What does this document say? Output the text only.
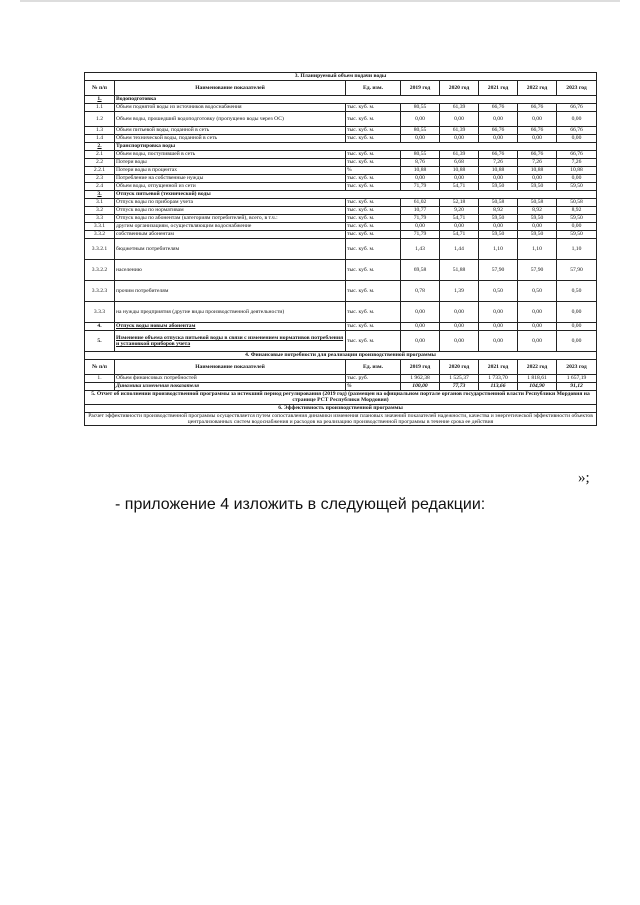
3. Планируемый объем подачи воды							
№ п/п	Наименование показателей	Ед. изм.	2019 год	2020 год	2021 год	2022 год	2023 год
1.	Водоподготовка						
1.1	Объем поднятой воды из источников водоснабжения	тыс. куб. м.	80,55	61,39	66,76	66,76	66,76
1.2	Объем воды, прошедший водоподготовку (пропущено воды через ОС)	тыс. куб. м.	0,00	0,00	0,00	0,00	0,00
1.3	Объем питьевой воды, поданной в сеть	тыс. куб. м.	80,55	61,39	66,76	66,76	66,76
1.4	Объем технической воды, поданной в сеть	тыс. куб. м.	0,00	0,00	0,00	0,00	0,00
2.	Транспортировка воды						
2.1	Объем воды, поступившей в сеть	тыс. куб. м.	80,55	61,39	66,76	66,76	66,76
2.2	Потери воды	тыс. куб. м.	8,76	6,68	7,26	7,26	7,26
2.2.1	Потери воды в процентах	%	10,88	10,88	10,88	10,88	10,88
2.3	Потребление на собственные нужды	тыс. куб. м.	0,00	0,00	0,00	0,00	0,00
2.4	Объем воды, отпущенной из сети	тыс. куб. м.	71,79	54,71	59,50	59,50	59,50
3.	Отпуск питьевой (технической) воды						
3.1	Отпуск воды по приборам учета	тыс. куб. м.	61,02	52,18	50,58	50,58	50,58
3.2	Отпуск воды по нормативам	тыс. куб. м.	10,77	9,20	8,92	8,92	8,92
3.3	Отпуск воды по абонентам (категориям потребителей), всего, в т.ч.:	тыс. куб. м.	71,79	54,71	59,50	59,50	59,50
3.3.1	другим организациям, осуществляющим водоснабжение	тыс. куб. м.	0,00	0,00	0,00	0,00	0,00
3.3.2	собственным абонентам	тыс. куб. м.	71,79	54,71	59,50	59,50	59,50
3.3.2.1	бюджетным потребителям	тыс. куб. м.	1,43	1,44	1,10	1,10	1,10
3.3.2.2	населению	тыс. куб. м.	69,58	51,88	57,90	57,90	57,90
3.3.2.3	прочим потребителям	тыс. куб. м.	0,78	1,39	0,50	0,50	0,50
3.3.3	на нужды предприятия (другие виды производственной деятельности)	тыс. куб. м.	0,00	0,00	0,00	0,00	0,00
4.	Отпуск воды новым абонентам	тыс. куб. м.	0,00	0,00	0,00	0,00	0,00
5.	Изменение объема отпуска питьевой воды в связи с изменением нормативов потребления и установкой приборов учета	тыс. куб. м.	0,00	0,00	0,00	0,00	0,00
4. Финансовые потребности для реализации производственной программы							
№ п/п	Наименование показателей	Ед. изм.	2019 год	2020 год	2021 год	2022 год	2023 год
1.	Объем финансовых потребностей	тыс. руб.	1 962,38	1 525,37	1 733,70	1 818,61	1 657,19
	Динамика изменения показателя	%	100,00	77,73	113,66	104,90	91,12
5. Отчет об исполнении производственной программы за истекший период регулирования (2019 год) (размещен на официальном портале органов государственной власти Республики Мордовия на странице РСТ Республики Мордовия)							
6. Эффективность производственной программы							
Расчет эффективности производственной программы осуществляется путем сопоставления динамики изменения плановых значений показателей надежности, качества и энергетической эффективности объектов централизованных систем водоснабжения и расходов на реализацию производственной программы в течение срока ее действия							
»;
- приложение 4 изложить в следующей редакции:
